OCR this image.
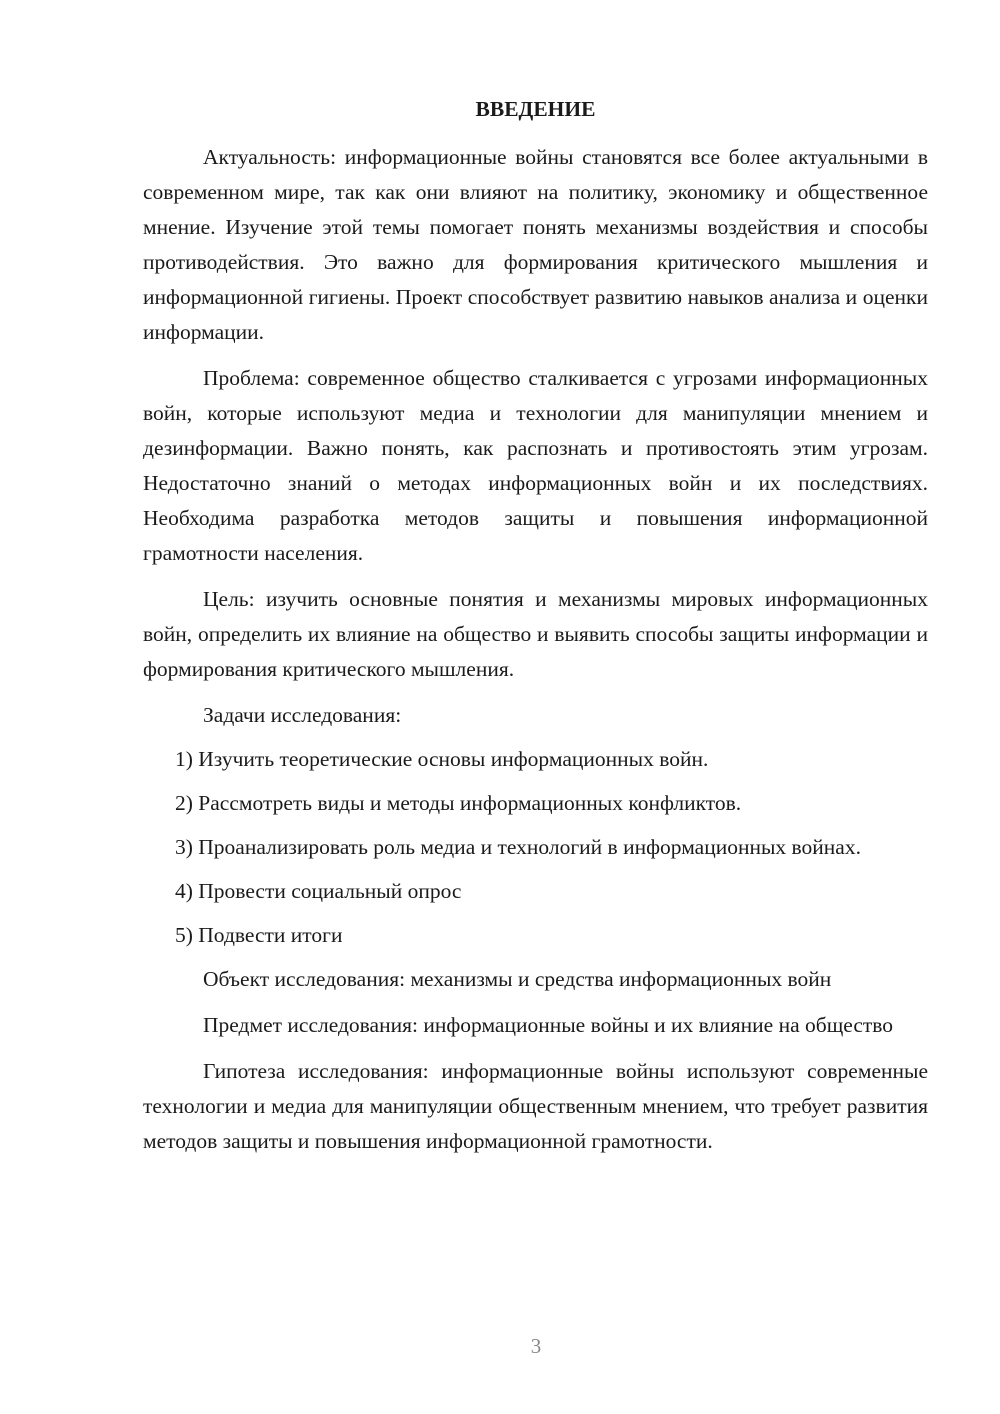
ВВЕДЕНИЕ

Актуальность: информационные войны становятся все более актуальными в современном мире, так как они влияют на политику, экономику и общественное мнение. Изучение этой темы помогает понять механизмы воздействия и способы противодействия. Это важно для формирования критического мышления и информационной гигиены. Проект способствует развитию навыков анализа и оценки информации.

Проблема: современное общество сталкивается с угрозами информационных войн, которые используют медиа и технологии для манипуляции мнением и дезинформации. Важно понять, как распознать и противостоять этим угрозам. Недостаточно знаний о методах информационных войн и их последствиях. Необходима разработка методов защиты и повышения информационной грамотности населения.

Цель: изучить основные понятия и механизмы мировых информационных войн, определить их влияние на общество и выявить способы защиты информации и формирования критического мышления.

Задачи исследования:

1) Изучить теоретические основы информационных войн.

2) Рассмотреть виды и методы информационных конфликтов.

3) Проанализировать роль медиа и технологий в информационных войнах.

4) Провести социальный опрос

5) Подвести итоги

Объект исследования: механизмы и средства информационных войн

Предмет исследования: информационные войны и их влияние на общество

Гипотеза исследования: информационные войны используют современные технологии и медиа для манипуляции общественным мнением, что требует развития методов защиты и повышения информационной грамотности.

3
